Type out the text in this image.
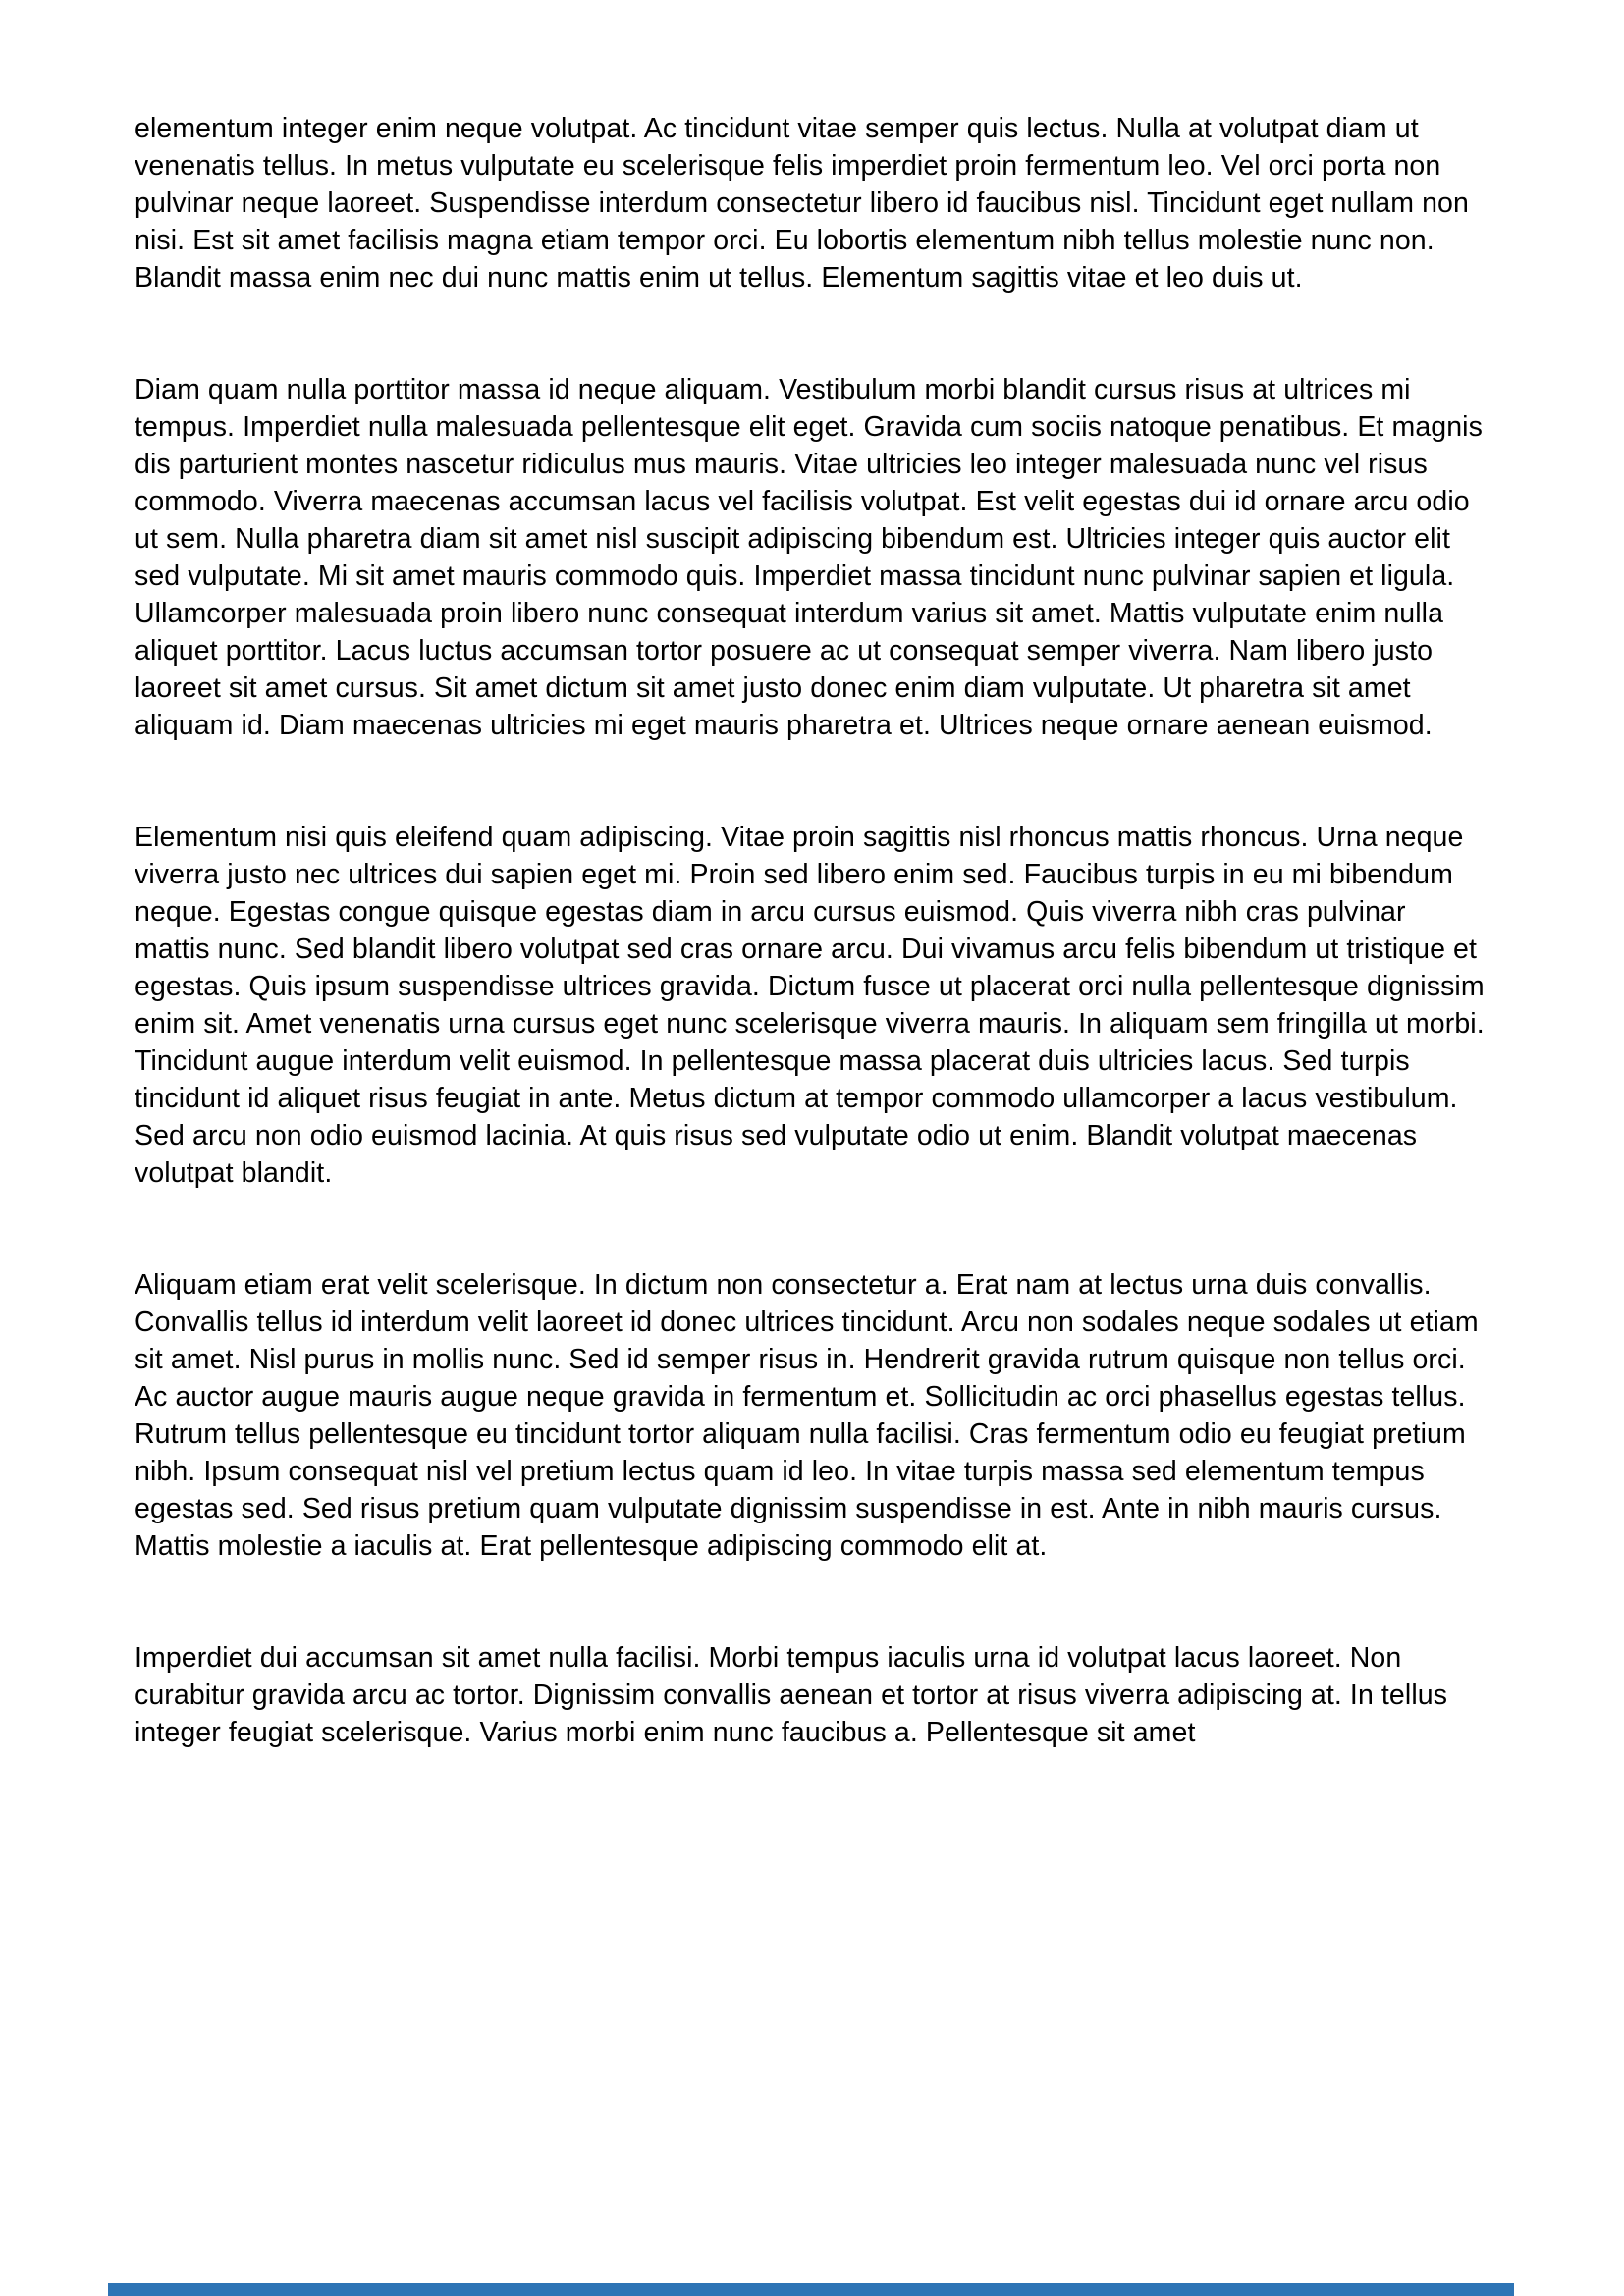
elementum integer enim neque volutpat. Ac tincidunt vitae semper quis lectus. Nulla at volutpat diam ut venenatis tellus. In metus vulputate eu scelerisque felis imperdiet proin fermentum leo. Vel orci porta non pulvinar neque laoreet. Suspendisse interdum consectetur libero id faucibus nisl. Tincidunt eget nullam non nisi. Est sit amet facilisis magna etiam tempor orci. Eu lobortis elementum nibh tellus molestie nunc non. Blandit massa enim nec dui nunc mattis enim ut tellus. Elementum sagittis vitae et leo duis ut.

Diam quam nulla porttitor massa id neque aliquam. Vestibulum morbi blandit cursus risus at ultrices mi tempus. Imperdiet nulla malesuada pellentesque elit eget. Gravida cum sociis natoque penatibus. Et magnis dis parturient montes nascetur ridiculus mus mauris. Vitae ultricies leo integer malesuada nunc vel risus commodo. Viverra maecenas accumsan lacus vel facilisis volutpat. Est velit egestas dui id ornare arcu odio ut sem. Nulla pharetra diam sit amet nisl suscipit adipiscing bibendum est. Ultricies integer quis auctor elit sed vulputate. Mi sit amet mauris commodo quis. Imperdiet massa tincidunt nunc pulvinar sapien et ligula. Ullamcorper malesuada proin libero nunc consequat interdum varius sit amet. Mattis vulputate enim nulla aliquet porttitor. Lacus luctus accumsan tortor posuere ac ut consequat semper viverra. Nam libero justo laoreet sit amet cursus. Sit amet dictum sit amet justo donec enim diam vulputate. Ut pharetra sit amet aliquam id. Diam maecenas ultricies mi eget mauris pharetra et. Ultrices neque ornare aenean euismod.

Elementum nisi quis eleifend quam adipiscing. Vitae proin sagittis nisl rhoncus mattis rhoncus. Urna neque viverra justo nec ultrices dui sapien eget mi. Proin sed libero enim sed. Faucibus turpis in eu mi bibendum neque. Egestas congue quisque egestas diam in arcu cursus euismod. Quis viverra nibh cras pulvinar mattis nunc. Sed blandit libero volutpat sed cras ornare arcu. Dui vivamus arcu felis bibendum ut tristique et egestas. Quis ipsum suspendisse ultrices gravida. Dictum fusce ut placerat orci nulla pellentesque dignissim enim sit. Amet venenatis urna cursus eget nunc scelerisque viverra mauris. In aliquam sem fringilla ut morbi. Tincidunt augue interdum velit euismod. In pellentesque massa placerat duis ultricies lacus. Sed turpis tincidunt id aliquet risus feugiat in ante. Metus dictum at tempor commodo ullamcorper a lacus vestibulum. Sed arcu non odio euismod lacinia. At quis risus sed vulputate odio ut enim. Blandit volutpat maecenas volutpat blandit.

Aliquam etiam erat velit scelerisque. In dictum non consectetur a. Erat nam at lectus urna duis convallis. Convallis tellus id interdum velit laoreet id donec ultrices tincidunt. Arcu non sodales neque sodales ut etiam sit amet. Nisl purus in mollis nunc. Sed id semper risus in. Hendrerit gravida rutrum quisque non tellus orci. Ac auctor augue mauris augue neque gravida in fermentum et. Sollicitudin ac orci phasellus egestas tellus. Rutrum tellus pellentesque eu tincidunt tortor aliquam nulla facilisi. Cras fermentum odio eu feugiat pretium nibh. Ipsum consequat nisl vel pretium lectus quam id leo. In vitae turpis massa sed elementum tempus egestas sed. Sed risus pretium quam vulputate dignissim suspendisse in est. Ante in nibh mauris cursus. Mattis molestie a iaculis at. Erat pellentesque adipiscing commodo elit at.

Imperdiet dui accumsan sit amet nulla facilisi. Morbi tempus iaculis urna id volutpat lacus laoreet. Non curabitur gravida arcu ac tortor. Dignissim convallis aenean et tortor at risus viverra adipiscing at. In tellus integer feugiat scelerisque. Varius morbi enim nunc faucibus a. Pellentesque sit amet
